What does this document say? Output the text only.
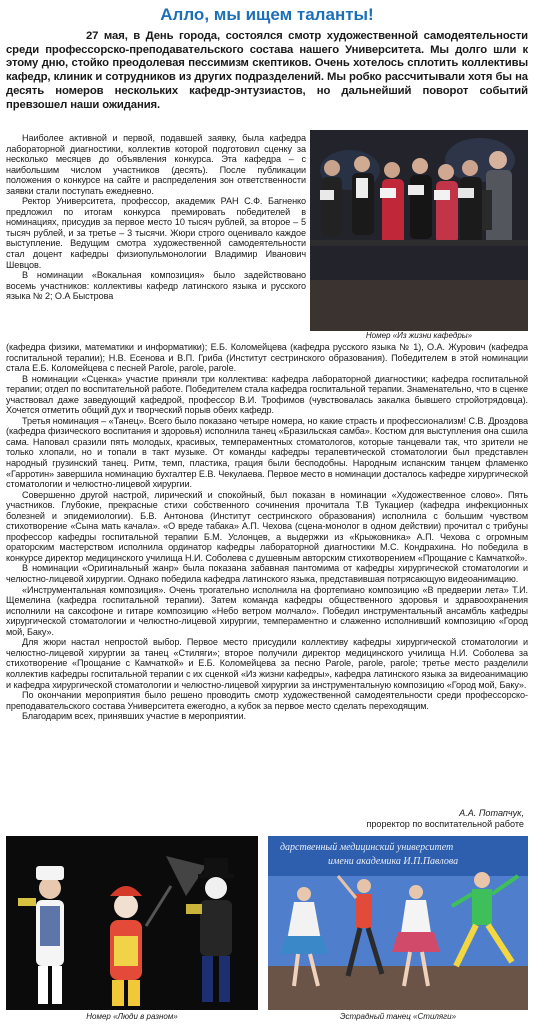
Алло, мы ищем таланты!

27 мая, в День города, состоялся смотр художественной самодеятельности среди профессорско-преподавательского состава нашего Университета. Мы долго шли к этому дню, стойко преодолевая пессимизм скептиков. Очень хотелось сплотить коллективы кафедр, клиник и сотрудников из других подразделений. Мы робко рассчитывали хотя бы на десять номеров нескольких кафедр-энтузиастов, но дальнейший поворот событий превзошел наши ожидания.

Наиболее активной и первой, подавшей заявку, была кафедра лабораторной диагностики, коллектив которой подготовил сценку за несколько месяцев до объявления конкурса. Эта кафедра – с наибольшим числом участников (десять). После публикации положения о конкурсе на сайте и распределения зон ответственности заявки стали поступать ежедневно.

Ректор Университета, профессор, академик РАН С.Ф. Багненко предложил по итогам конкурса премировать победителей в номинациях, присудив за первое место 10 тысяч рублей, за второе – 5 тысяч рублей, и за третье – 3 тысячи. Жюри строго оценивало каждое выступление. Ведущим смотра художественной самодеятельности стал доцент кафедры физиопульмонологии Владимир Иванович Шевцов.

В номинации «Вокальная композиция» было задействовано восемь участников: коллективы кафедр латинского языка и русского языка № 2; О.А Быстрова

Номер «Из жизни кафедры»

(кафедра физики, математики и информатики); Е.Б. Коломейцева (кафедра русского языка № 1), О.А. Журович (кафедра госпитальной терапии); Н.В. Есенова и В.П. Гриба (Институт сестринского образования). Победителем в этой номинации стала Е.Б. Коломейцева с песней Parole, parole, parole.

В номинации «Сценка» участие приняли три коллектива: кафедра лабораторной диагностики; кафедра госпитальной терапии; отдел по воспитательной работе. Победителем стала кафедра госпитальной терапии. Знаменательно, что в сценке участвовал даже заведующий кафедрой, профессор В.И. Трофимов (чувствовалась закалка бывшего стройотрядовца). Хочется отметить общий дух и творческий порыв обеих кафедр.

Третья номинация – «Танец». Всего было показано четыре номера, но какие страсть и профессионализм! С.В. Дроздова (кафедра физического воспитания и здоровья) исполнила танец «Бразильская самба». Костюм для выступления она сшила сама. Наповал сразили пять молодых, красивых, темпераментных стоматологов, которые танцевали так, что зрители не только хлопали, но и топали в такт музыке. От команды кафедры терапевтической стоматологии был представлен народный грузинский танец. Ритм, темп, пластика, грация были бесподобны. Народным испанским танцем фламенко «Гарротин» завершила номинацию бухгалтер Е.В. Чекулаева. Первое место в номинации досталось кафедре хирургической стоматологии и челюстно-лицевой хирургии.

Совершенно другой настрой, лирический и спокойный, был показан в номинации «Художественное слово». Пять участников. Глубокие, прекрасные стихи собственного сочинения прочитала Т.В Тукациер (кафедра инфекционных болезней и эпидемиологии). Б.В. Антонова (Институт сестринского образования) исполнила с большим чувством стихотворение «Сына мать качала». «О вреде табака» А.П. Чехова (сцена-монолог в одном действии) прочитал с трибуны профессор кафедры госпитальной терапии Б.М. Услонцев, а выдержки из «Крыжовника» А.П. Чехова с огромным ораторским мастерством исполнила ординатор кафедры лабораторной диагностики М.С. Кондрахина. Но победила в конкурсе директор медицинского училища Н.И. Соболева с душевным авторским стихотворением «Прощание с Камчаткой».

В номинации «Оригинальный жанр» была показана забавная пантомима от кафедры хирургической стоматологии и челюстно-лицевой хирургии. Однако победила кафедра латинского языка, представившая потрясающую видеоанимацию.

«Инструментальная композиция». Очень трогательно исполнила на фортепиано композицию «В предверии лета» Т.И. Щемелина (кафедра госпитальной терапии). Затем команда кафедры общественного здоровья и здравоохранения исполнили на саксофоне и гитаре композицию «Небо ветром молчало». Победил инструментальный ансамбль кафедры хирургической стоматологии и челюстно-лицевой хирургии, темпераментно и слаженно исполнивший композицию «Город мой, Баку».

Для жюри настал непростой выбор. Первое место присудили коллективу кафедры хирургической стоматологии и челюстно-лицевой хирургии за танец «Стиляги»; второе получили директор медицинского училища Н.И. Соболева за стихотворение «Прощание с Камчаткой» и Е.Б. Коломейцева за песню Parole, parole, parole; третье место разделили коллектив кафедры госпитальной терапии с их сценкой «Из жизни кафедры», кафедра латинского языка за видеоанимацию и кафедра хирургической стоматологии и челюстно-лицевой хирургии за инструментальную композицию «Город мой, Баку».

По окончании мероприятия было решено проводить смотр художественной самодеятельности среди профессорско-преподавательского состава Университета ежегодно, а кубок за первое место сделать переходящим.

Благодарим всех, принявших участие в мероприятии.

А.А. Потапчук,
проректор по воспитательной работе
Номер «Люди в разном»
дарственный медицинский университет
имени академика И.П.Павлова
Эстрадный танец «Стиляги»
